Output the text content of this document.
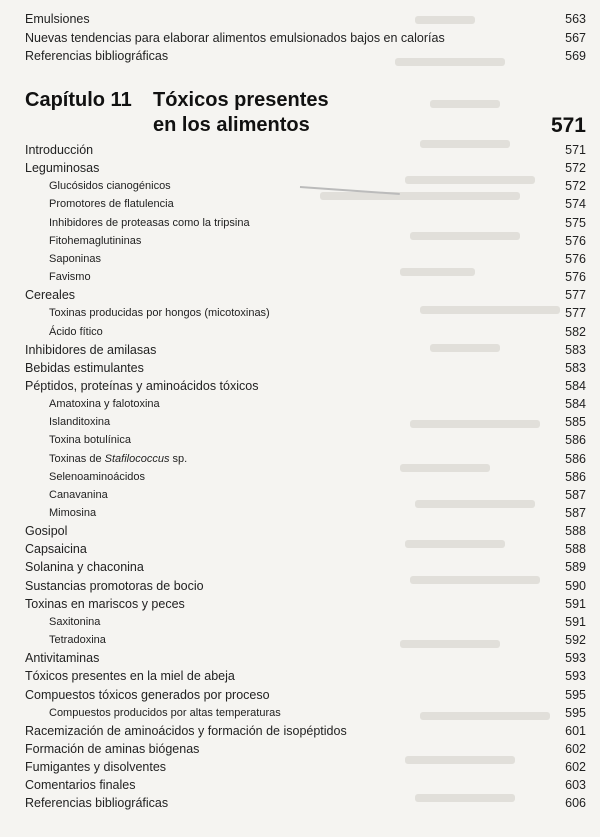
Emulsiones	563
Nuevas tendencias para elaborar alimentos emulsionados bajos en calorías	567
Referencias bibliográficas	569
Capítulo 11 Tóxicos presentes
en los alimentos	571
Introducción	571
Leguminosas	572
Glucósidos cianogénicos	572
Promotores de flatulencia	574
Inhibidores de proteasas como la tripsina	575
Fitohemaglutininas	576
Saponinas	576
Favismo	576
Cereales	577
Toxinas producidas por hongos (micotoxinas)	577
Ácido fítico	582
Inhibidores de amilasas	583
Bebidas estimulantes	583
Péptidos, proteínas y aminoácidos tóxicos	584
Amatoxina y falotoxina	584
Islanditoxina	585
Toxina botulínica	586
Toxinas de Stafilococcus sp.	586
Selenoaminoácidos	586
Canavanina	587
Mimosina	587
Gosipol	588
Capsaicina	588
Solanina y chaconina	589
Sustancias promotoras de bocio	590
Toxinas en mariscos y peces	591
Saxitonina	591
Tetradoxina	592
Antivitaminas	593
Tóxicos presentes en la miel de abeja	593
Compuestos tóxicos generados por proceso	595
Compuestos producidos por altas temperaturas	595
Racemización de aminoácidos y formación de isopéptidos	601
Formación de aminas biógenas	602
Fumigantes y disolventes	602
Comentarios finales	603
Referencias bibliográficas	606
